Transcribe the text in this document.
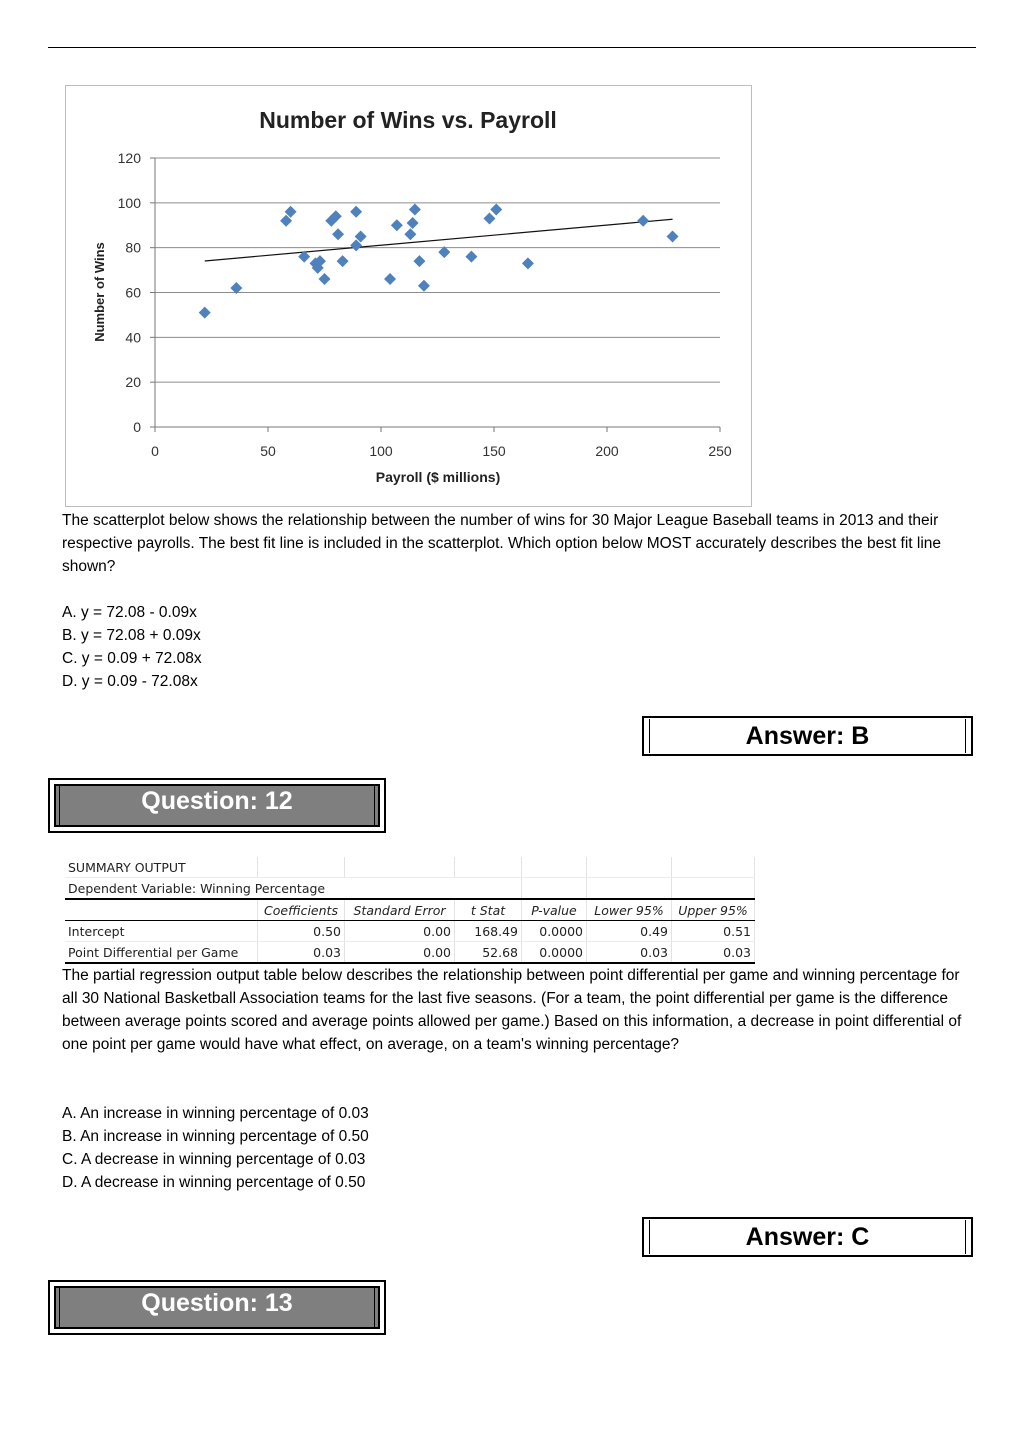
Number of Wins vs. Payroll
0
20
40
60
80
100
120
0	50	100	150	200	250
Payroll ($ millions)
Number of Wins

The scatterplot below shows the relationship between the number of wins for 30 Major League Baseball teams in 2013 and their respective payrolls. The best fit line is included in the scatterplot. Which option below MOST accurately describes the best fit line shown?

A. y = 72.08 - 0.09x
B. y = 72.08 + 0.09x
C. y = 0.09 + 72.08x
D. y = 0.09 - 72.08x
Answer: B
Question: 12
SUMMARY OUTPUT						
Dependent Variable: Winning Percentage						
	Coefficients	Standard Error	t Stat	P-value	Lower 95%	Upper 95%
Intercept	0.50	0.00	168.49	0.0000	0.49	0.51
Point Differential per Game	0.03	0.00	52.68	0.0000	0.03	0.03

The partial regression output table below describes the relationship between point differential per game and winning percentage for all 30 National Basketball Association teams for the last five seasons. (For a team, the point differential per game is the difference between average points scored and average points allowed per game.) Based on this information, a decrease in point differential of one point per game would have what effect, on average, on a team's winning percentage?

A. An increase in winning percentage of 0.03
B. An increase in winning percentage of 0.50
C. A decrease in winning percentage of 0.03
D. A decrease in winning percentage of 0.50
Answer: C
Question: 13
